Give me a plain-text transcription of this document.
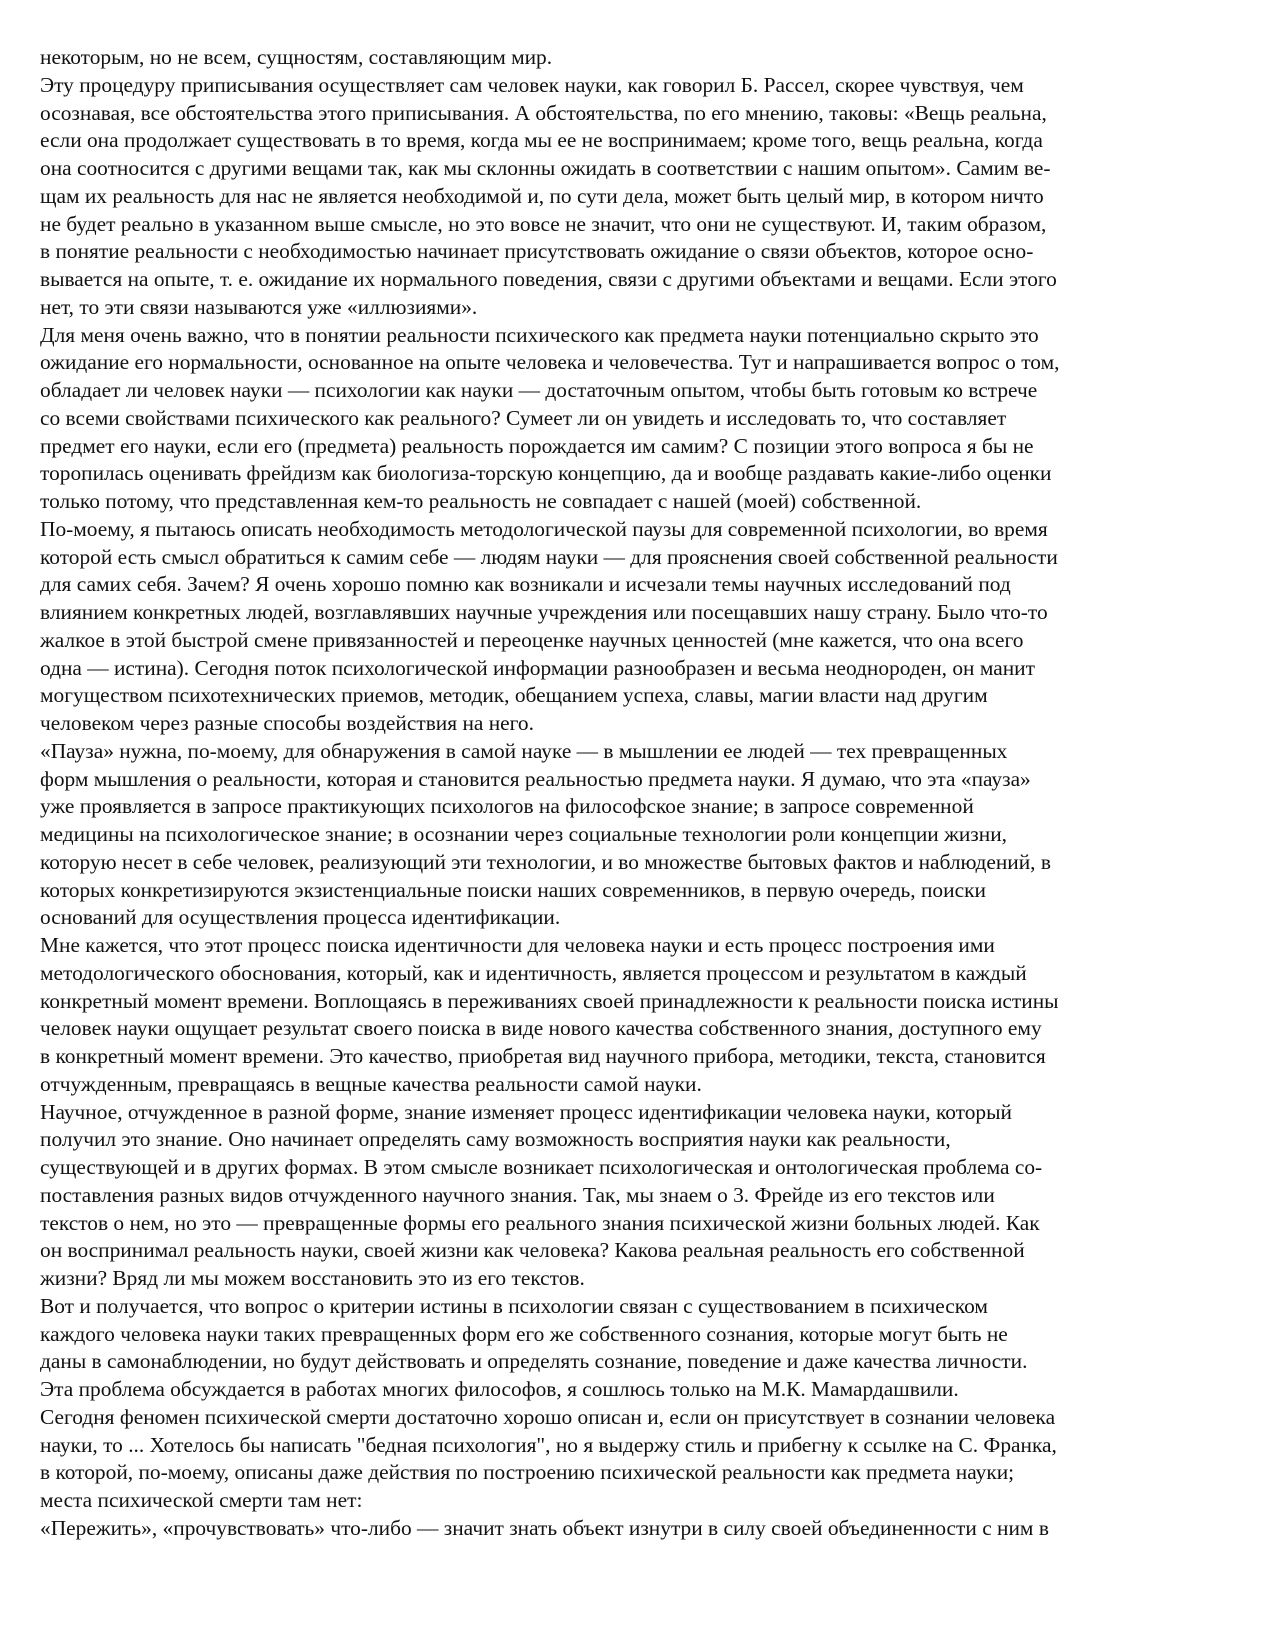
некоторым, но не всем, сущностям, составляющим мир.

Эту процедуру приписывания осуществляет сам человек науки, как говорил Б. Рассел, скорее чувствуя, чем
осознавая, все обстоятельства этого приписывания. А обстоятельства, по его мнению, таковы: «Вещь реальна,
если она продолжает существовать в то время, когда мы ее не воспринимаем; кроме того, вещь реальна, когда
она соотносится с другими вещами так, как мы склонны ожидать в соответствии с нашим опытом». Самим ве-
щам их реальность для нас не является необходимой и, по сути дела, может быть целый мир, в котором ничто
не будет реально в указанном выше смысле, но это вовсе не значит, что они не существуют. И, таким образом,
в понятие реальности с необходимостью начинает присутствовать ожидание о связи объектов, которое осно-
вывается на опыте, т. е. ожидание их нормального поведения, связи с другими объектами и вещами. Если этого
нет, то эти связи называются уже «иллюзиями».

Для меня очень важно, что в понятии реальности психического как предмета науки потенциально скрыто это
ожидание его нормальности, основанное на опыте человека и человечества. Тут и напрашивается вопрос о том,
обладает ли человек науки — психологии как науки — достаточным опытом, чтобы быть готовым ко встрече
со всеми свойствами психического как реального? Сумеет ли он увидеть и исследовать то, что составляет
предмет его науки, если его (предмета) реальность порождается им самим? С позиции этого вопроса я бы не
торопилась оценивать фрейдизм как биологиза-торскую концепцию, да и вообще раздавать какие-либо оценки
только потому, что представленная кем-то реальность не совпадает с нашей (моей) собственной.

По-моему, я пытаюсь описать необходимость методологической паузы для современной психологии, во время
которой есть смысл обратиться к самим себе — людям науки — для прояснения своей собственной реальности
для самих себя. Зачем? Я очень хорошо помню как возникали и исчезали темы научных исследований под
влиянием конкретных людей, возглавлявших научные учреждения или посещавших нашу страну. Было что-то
жалкое в этой быстрой смене привязанностей и переоценке научных ценностей (мне кажется, что она всего
одна — истина). Сегодня поток психологической информации разнообразен и весьма неоднороден, он манит
могуществом психотехнических приемов, методик, обещанием успеха, славы, магии власти над другим
человеком через разные способы воздействия на него.

«Пауза» нужна, по-моему, для обнаружения в самой науке — в мышлении ее людей — тех превращенных
форм мышления о реальности, которая и становится реальностью предмета науки. Я думаю, что эта «пауза»
уже проявляется в запросе практикующих психологов на философское знание; в запросе современной
медицины на психологическое знание; в осознании через социальные технологии роли концепции жизни,
которую несет в себе человек, реализующий эти технологии, и во множестве бытовых фактов и наблюдений, в
которых конкретизируются экзистенциальные поиски наших современников, в первую очередь, поиски
оснований для осуществления процесса идентификации.

Мне кажется, что этот процесс поиска идентичности для человека науки и есть процесс построения ими
методологического обоснования, который, как и идентичность, является процессом и результатом в каждый
конкретный момент времени. Воплощаясь в переживаниях своей принадлежности к реальности поиска истины
человек науки ощущает результат своего поиска в виде нового качества собственного знания, доступного ему
в конкретный момент времени. Это качество, приобретая вид научного прибора, методики, текста, становится
отчужденным, превращаясь в вещные качества реальности самой науки.

Научное, отчужденное в разной форме, знание изменяет процесс идентификации человека науки, который
получил это знание. Оно начинает определять саму возможность восприятия науки как реальности,
существующей и в других формах. В этом смысле возникает психологическая и онтологическая проблема со-
поставления разных видов отчужденного научного знания. Так, мы знаем о 3. Фрейде из его текстов или
текстов о нем, но это — превращенные формы его реального знания психической жизни больных людей. Как
он воспринимал реальность науки, своей жизни как человека? Какова реальная реальность его собственной
жизни? Вряд ли мы можем восстановить это из его текстов.

Вот и получается, что вопрос о критерии истины в психологии связан с существованием в психическом
каждого человека науки таких превращенных форм его же собственного сознания, которые могут быть не
даны в самонаблюдении, но будут действовать и определять сознание, поведение и даже качества личности.
Эта проблема обсуждается в работах многих философов, я сошлюсь только на М.К. Мамардашвили.

Сегодня феномен психической смерти достаточно хорошо описан и, если он присутствует в сознании человека
науки, то ... Хотелось бы написать "бедная психология", но я выдержу стиль и прибегну к ссылке на С. Франка,
в которой, по-моему, описаны даже действия по построению психической реальности как предмета науки;
места психической смерти там нет:

«Пережить», «прочувствовать» что-либо — значит знать объект изнутри в силу своей объединенности с ним в
